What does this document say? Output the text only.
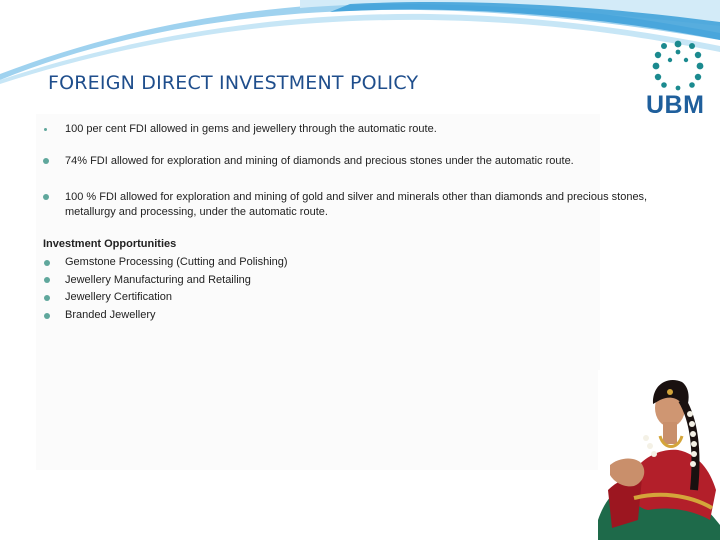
FOREIGN DIRECT INVESTMENT POLICY
UBM
100 per cent FDI allowed in gems and jewellery through the automatic route.
74% FDI allowed for exploration and mining of diamonds and precious stones under the automatic route.
100 % FDI allowed for exploration and mining of gold and silver and minerals other than diamonds and precious stones, metallurgy and processing, under the automatic route.
Investment Opportunities
Gemstone Processing (Cutting and Polishing)
Jewellery Manufacturing and Retailing
Jewellery Certification
Branded Jewellery
